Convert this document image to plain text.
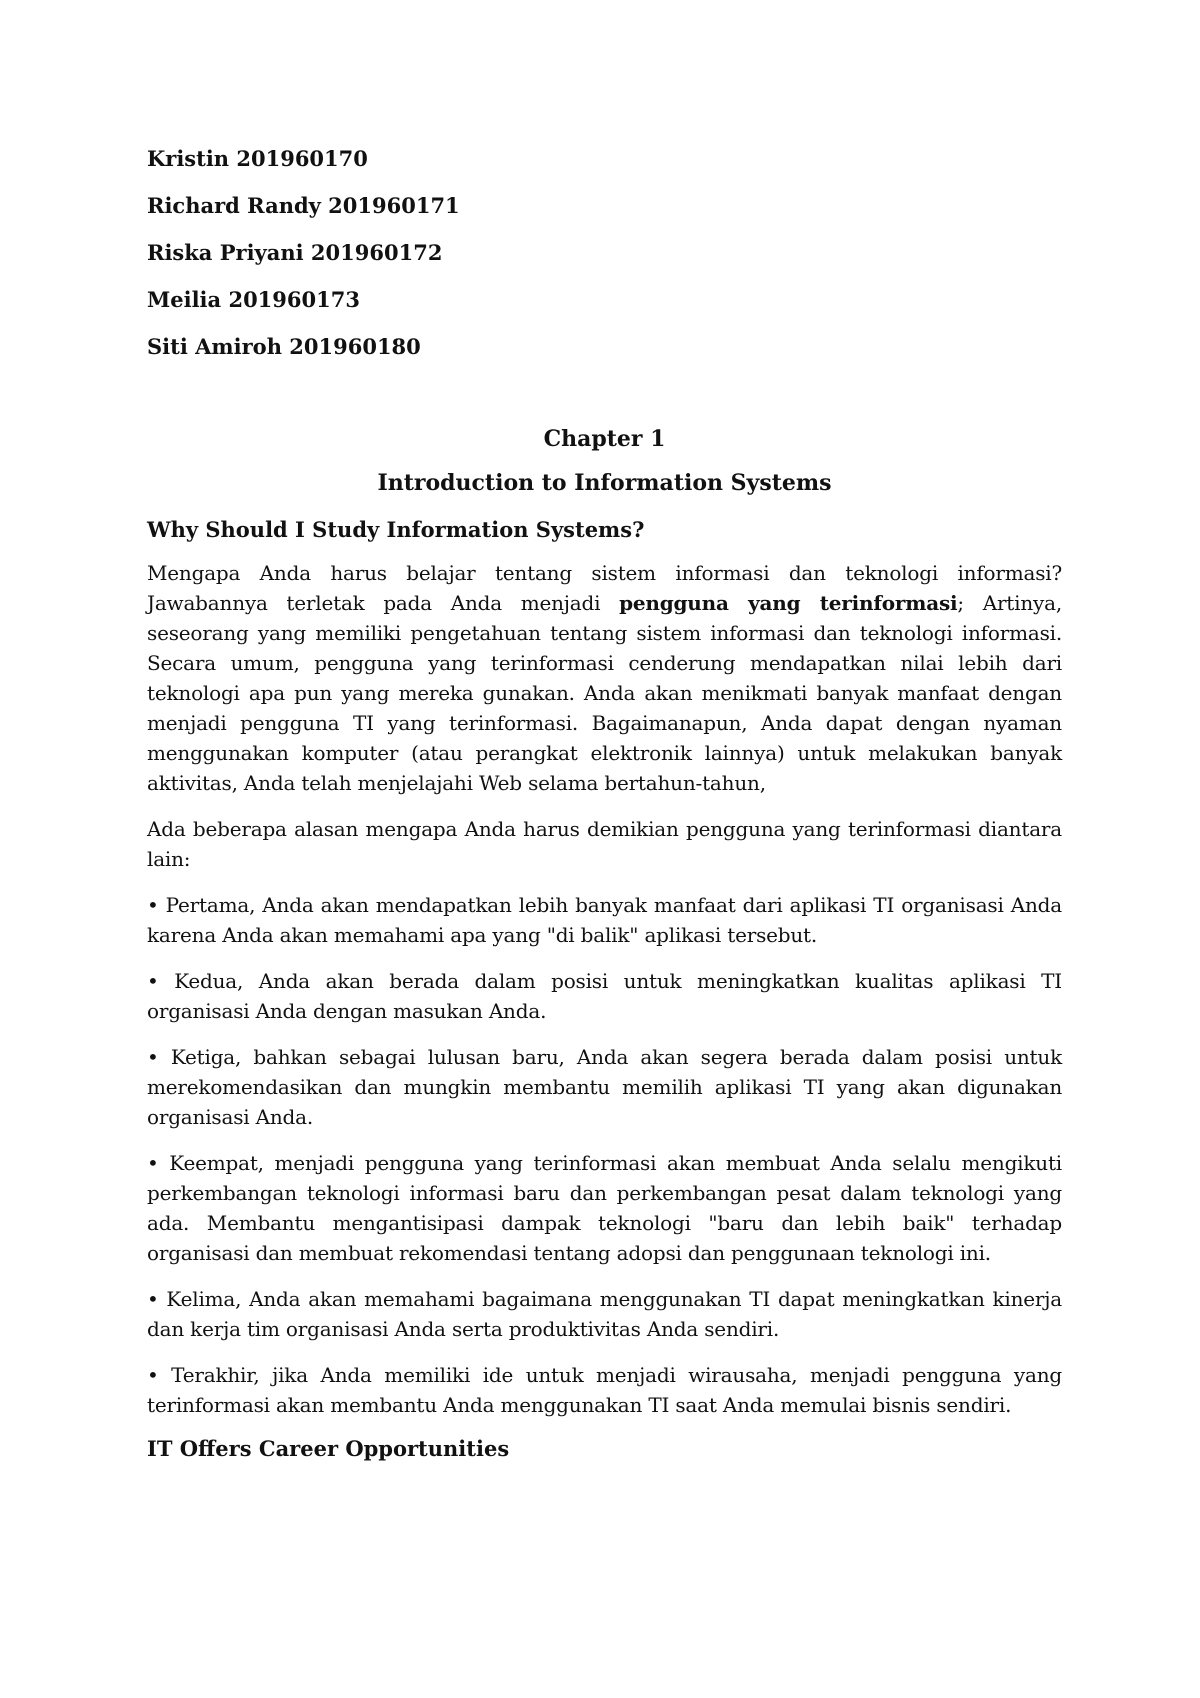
Kristin 201960170
Richard Randy 201960171
Riska Priyani 201960172
Meilia 201960173
Siti Amiroh 201960180
Chapter 1
Introduction to Information Systems
Why Should I Study Information Systems?

Mengapa Anda harus belajar tentang sistem informasi dan teknologi informasi? Jawabannya terletak pada Anda menjadi pengguna yang terinformasi; Artinya, seseorang yang memiliki pengetahuan tentang sistem informasi dan teknologi informasi. Secara umum, pengguna yang terinformasi cenderung mendapatkan nilai lebih dari teknologi apa pun yang mereka gunakan. Anda akan menikmati banyak manfaat dengan menjadi pengguna TI yang terinformasi. Bagaimanapun, Anda dapat dengan nyaman menggunakan komputer (atau perangkat elektronik lainnya) untuk melakukan banyak aktivitas, Anda telah menjelajahi Web selama bertahun-tahun,

Ada beberapa alasan mengapa Anda harus demikian pengguna yang terinformasi diantara lain:

• Pertama, Anda akan mendapatkan lebih banyak manfaat dari aplikasi TI organisasi Anda karena Anda akan memahami apa yang "di balik" aplikasi tersebut.

• Kedua, Anda akan berada dalam posisi untuk meningkatkan kualitas aplikasi TI organisasi Anda dengan masukan Anda.

• Ketiga, bahkan sebagai lulusan baru, Anda akan segera berada dalam posisi untuk merekomendasikan dan mungkin membantu memilih aplikasi TI yang akan digunakan organisasi Anda.

• Keempat, menjadi pengguna yang terinformasi akan membuat Anda selalu mengikuti perkembangan teknologi informasi baru dan perkembangan pesat dalam teknologi yang ada. Membantu mengantisipasi dampak teknologi "baru dan lebih baik" terhadap organisasi dan membuat rekomendasi tentang adopsi dan penggunaan teknologi ini.

• Kelima, Anda akan memahami bagaimana menggunakan TI dapat meningkatkan kinerja dan kerja tim organisasi Anda serta produktivitas Anda sendiri.

• Terakhir, jika Anda memiliki ide untuk menjadi wirausaha, menjadi pengguna yang terinformasi akan membantu Anda menggunakan TI saat Anda memulai bisnis sendiri.

IT Offers Career Opportunities
